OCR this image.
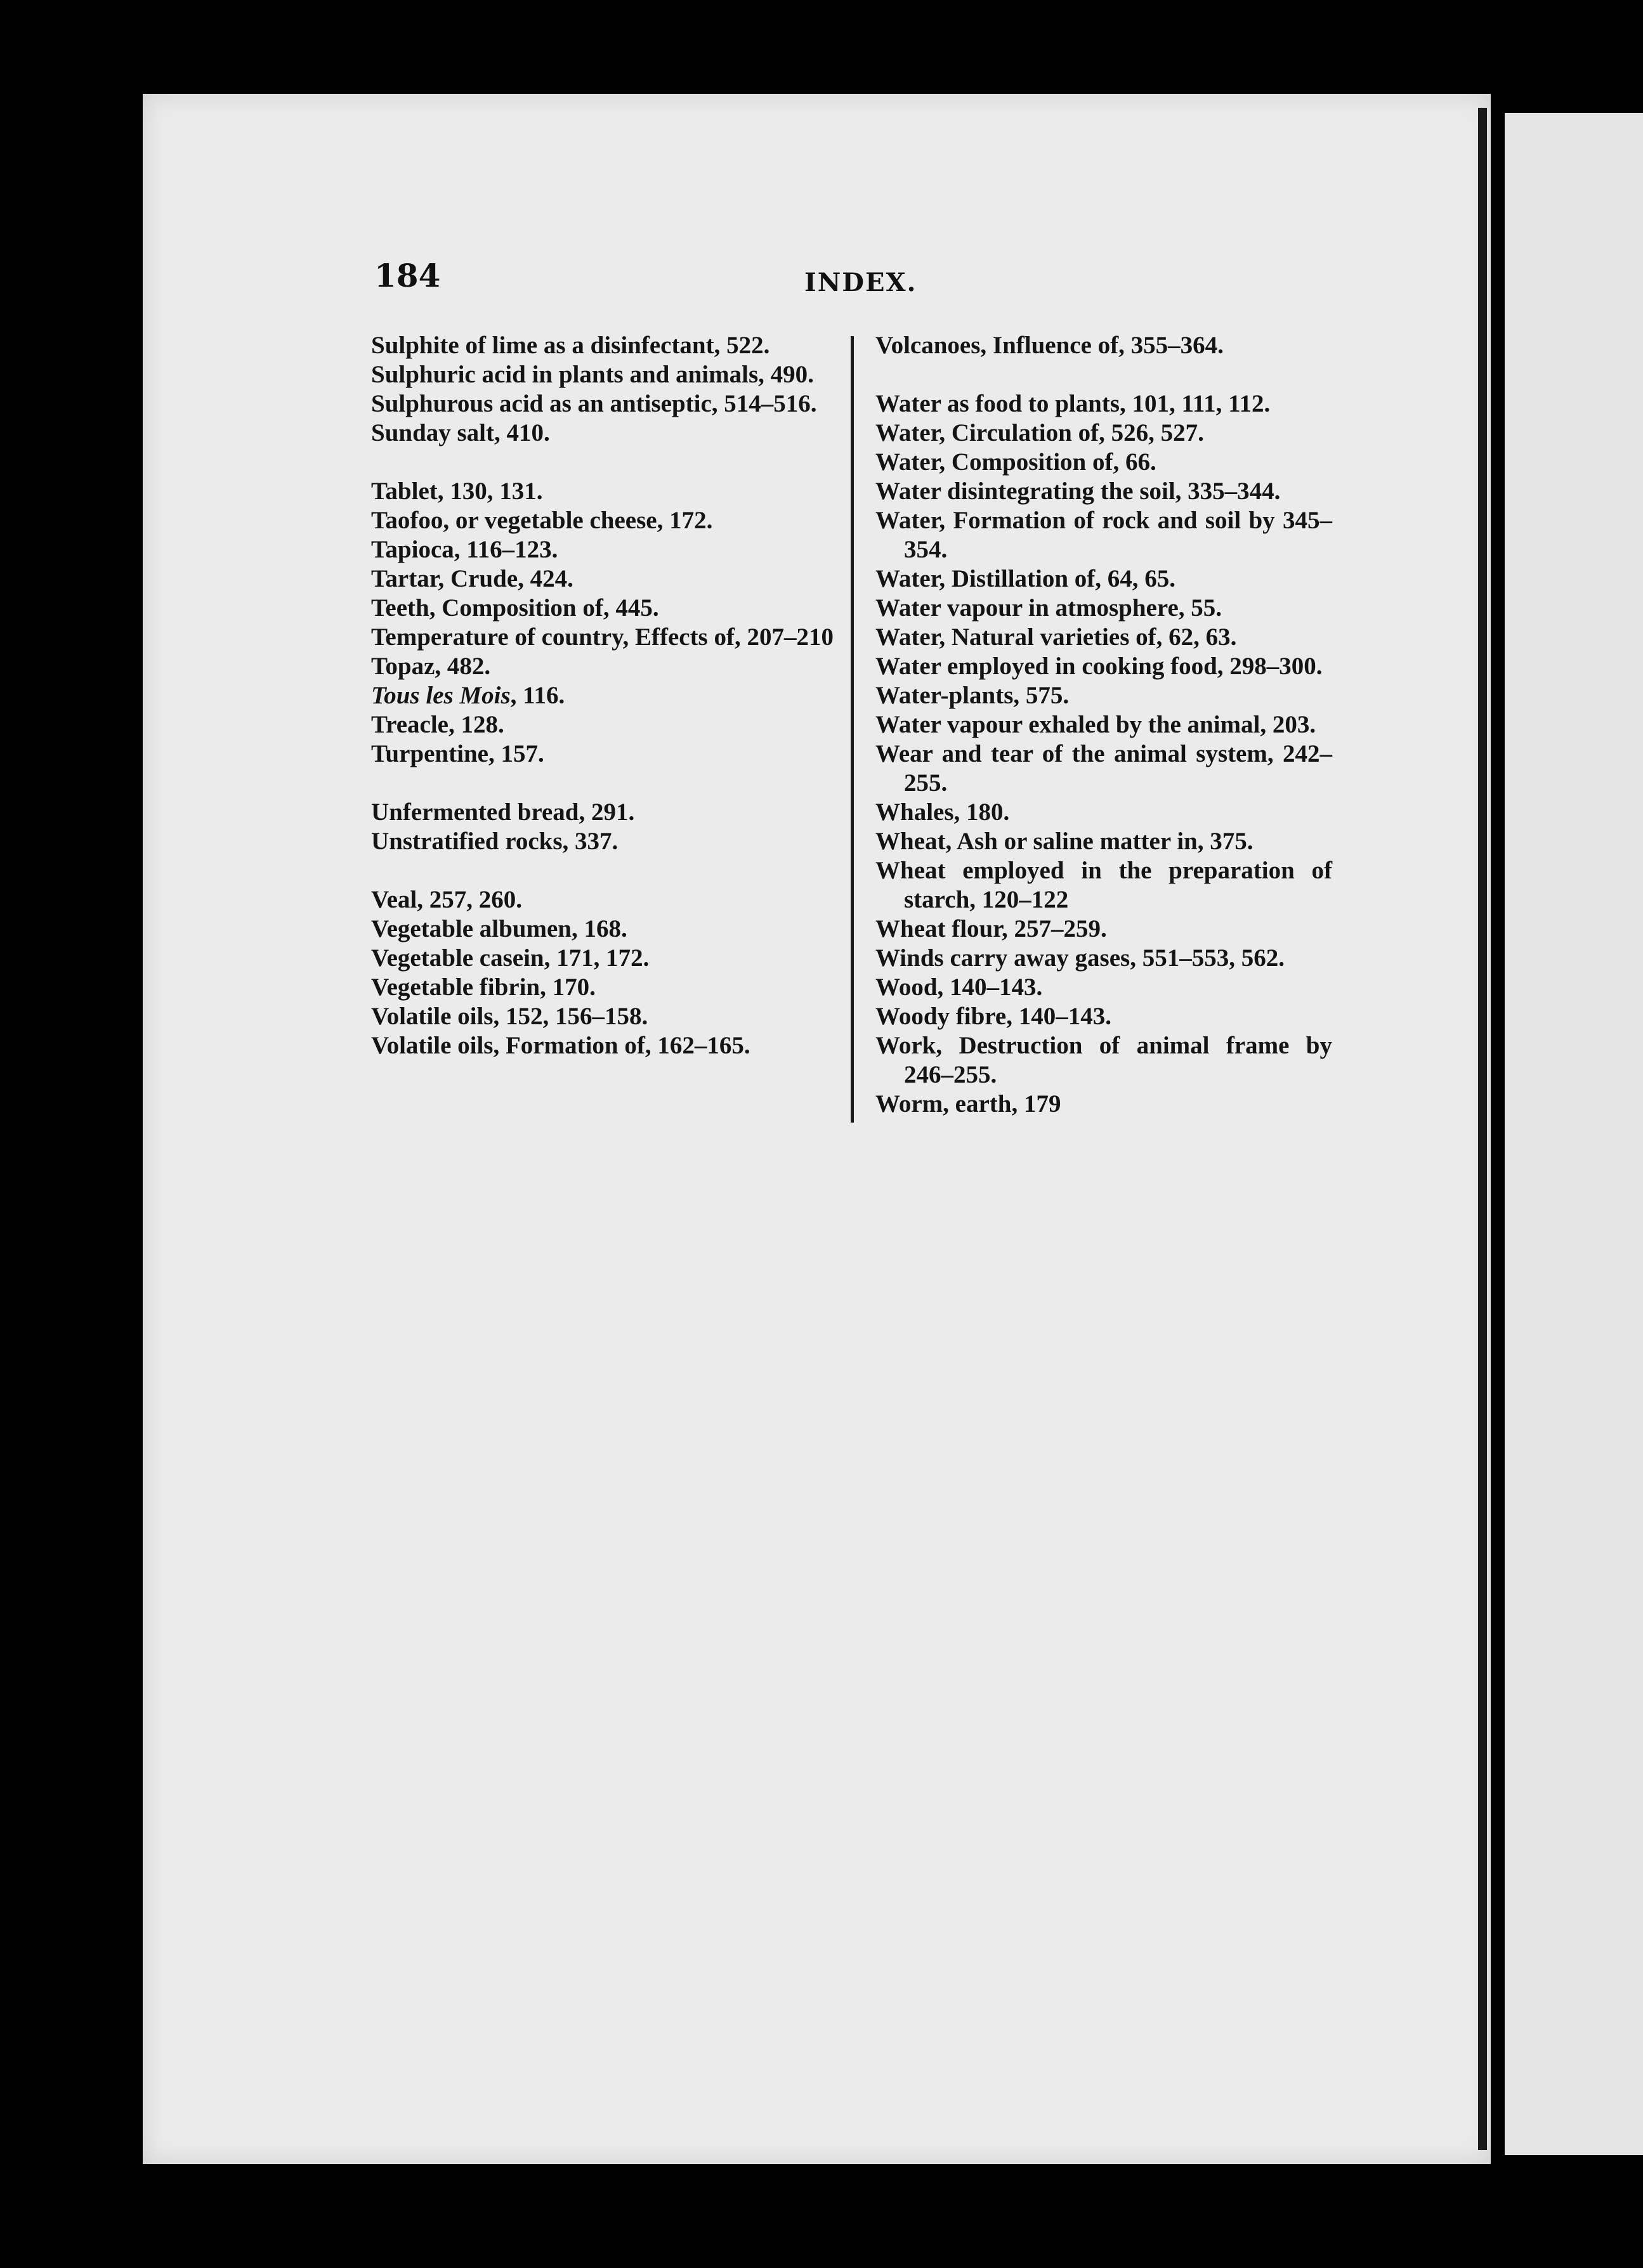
184	INDEX.

Sulphite of lime as a disinfectant, 522.

Sulphuric acid in plants and animals, 490.

Sulphurous acid as an antiseptic, 514–516.

Sunday salt, 410.

Tablet, 130, 131.

Taofoo, or vegetable cheese, 172.

Tapioca, 116–123.

Tartar, Crude, 424.

Teeth, Composition of, 445.

Temperature of country, Effects of, 207–210

Topaz, 482.

Tous les Mois, 116.

Treacle, 128.

Turpentine, 157.

Unfermented bread, 291.

Unstratified rocks, 337.

Veal, 257, 260.

Vegetable albumen, 168.

Vegetable casein, 171, 172.

Vegetable fibrin, 170.

Volatile oils, 152, 156–158.

Volatile oils, Formation of, 162–165.

Volcanoes, Influence of, 355–364.

Water as food to plants, 101, 111, 112.

Water, Circulation of, 526, 527.

Water, Composition of, 66.

Water disintegrating the soil, 335–344.

Water, Formation of rock and soil by 345–354.

Water, Distillation of, 64, 65.

Water vapour in atmosphere, 55.

Water, Natural varieties of, 62, 63.

Water employed in cooking food, 298–300.

Water-plants, 575.

Water vapour exhaled by the animal, 203.

Wear and tear of the animal system, 242–255.

Whales, 180.

Wheat, Ash or saline matter in, 375.

Wheat employed in the preparation of starch, 120–122

Wheat flour, 257–259.

Winds carry away gases, 551–553, 562.

Wood, 140–143.

Woody fibre, 140–143.

Work, Destruction of animal frame by 246–255.

Worm, earth, 179
